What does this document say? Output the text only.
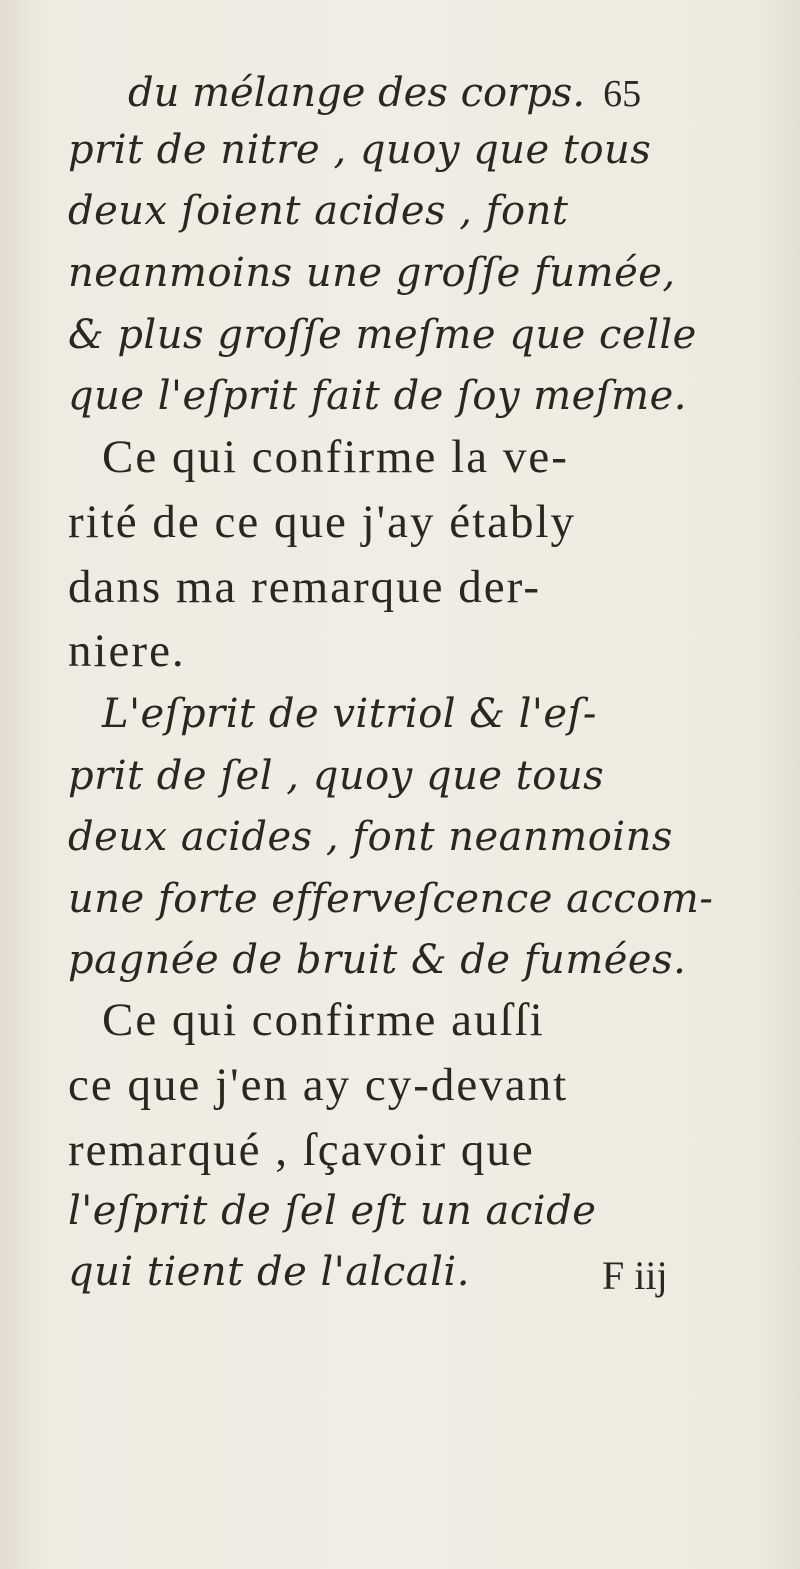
du mélange des corps. 65
prit de nitre , quoy que tous
deux ſoient acides , font
neanmoins une groſſe fumée,
& plus groſſe meſme que celle
que l'eſprit fait de ſoy meſme.
Ce qui confirme la ve-
rité de ce que j'ay étably
dans ma remarque der-
niere.
L'eſprit de vitriol & l'eſ-
prit de ſel , quoy que tous
deux acides , font neanmoins
une forte efferveſcence accom-
pagnée de bruit & de fumées.
Ce qui confirme auſſi
ce que j'en ay cy-devant
remarqué , ſçavoir que
l'eſprit de ſel eſt un acide
qui tient de l'alcali.	F iij
